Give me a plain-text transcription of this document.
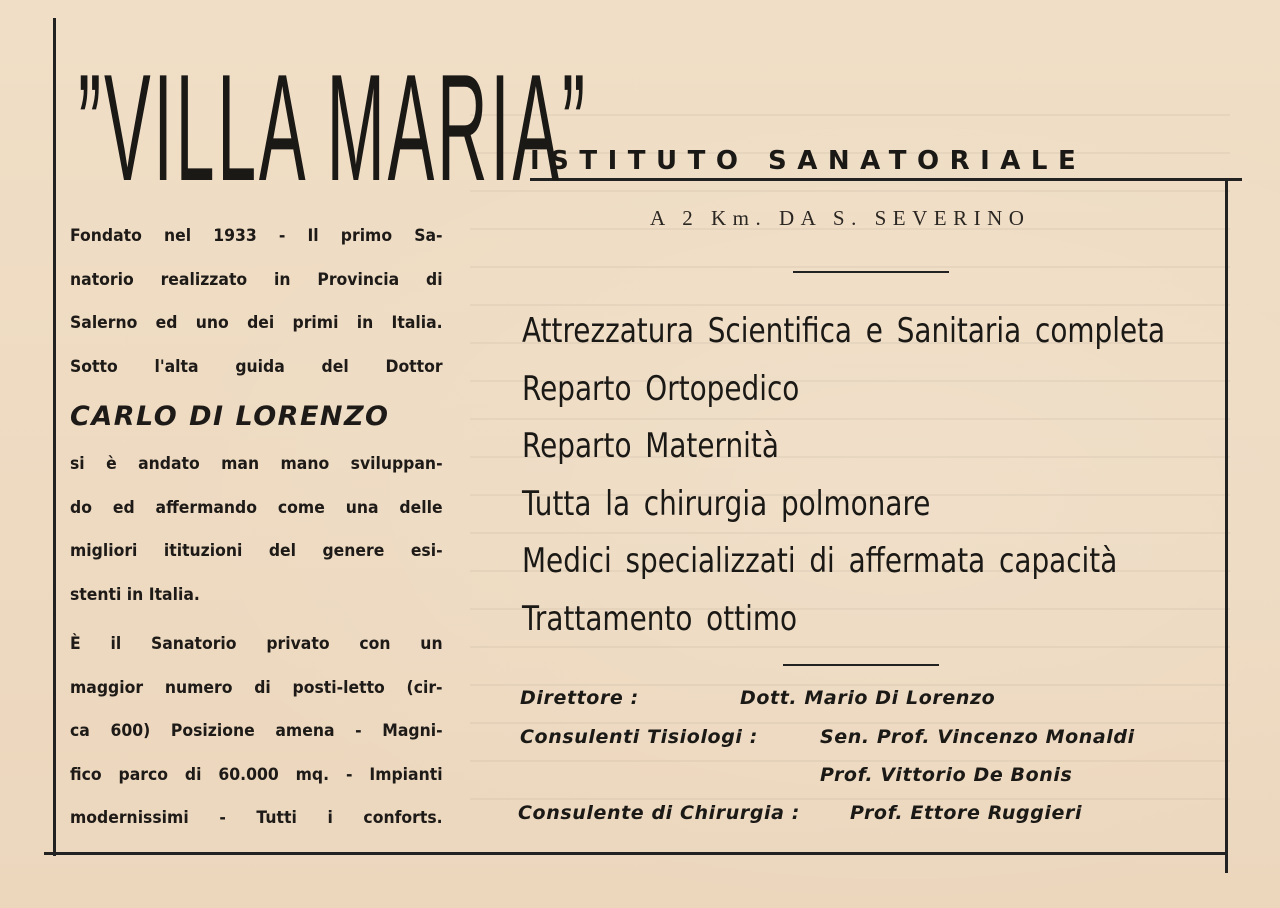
”VILLA MARIA”
ISTITUTO SANATORIALE
A 2 Km. DA S. SEVERINO
Fondato nel 1933 - Il primo Sa-
natorio realizzato in Provincia di
Salerno ed uno dei primi in Italia.
Sotto l'alta guida del Dottor
CARLO DI LORENZO
si è andato man mano sviluppan-
do ed affermando come una delle
migliori itituzioni del genere esi-
stenti in Italia.
È il Sanatorio privato con un
maggior numero di posti-letto (cir-
ca 600) Posizione amena - Magni-
fico parco di 60.000 mq. - Impianti
modernissimi - Tutti i conforts.
Attrezzatura Scientifica e Sanitaria completa
Reparto Ortopedico
Reparto Maternità
Tutta la chirurgia polmonare
Medici specializzati di affermata capacità
Trattamento ottimo
Direttore :	Dott. Mario Di Lorenzo
Consulenti Tisiologi :	Sen. Prof. Vincenzo Monaldi
Prof. Vittorio De Bonis
Consulente di Chirurgia :	Prof. Ettore Ruggieri
